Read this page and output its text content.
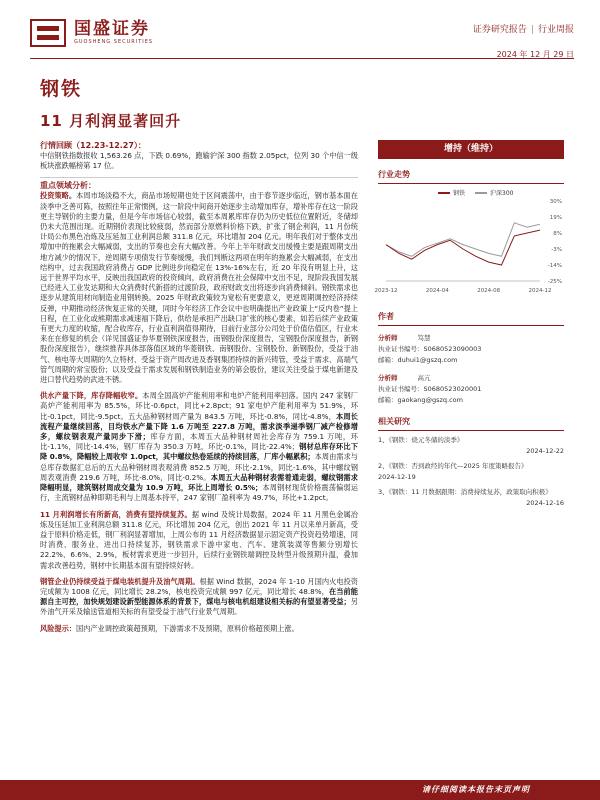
国盛证券
GUOSHENG SECURITIES
证券研究报告 | 行业周报
2024 年 12 月 29 日
钢铁
11 月利润显著回升
行情回顾（12.23-12.27）：
中信钢铁指数报收 1,563.26 点，下跌 0.69%，跑输沪深 300 指数 2.05pct，位列 30 个中信一级板块涨跌幅榜第 17 位。
重点领域分析：
投资策略。本周市场淡稳不大，商品市场短期也处于区间震荡中，由于春节逐步临近，钢市基本面在淡季中乏善可陈，按照往年正常惯例，这一阶段中间商开始逐步主动增加库存，增补库存在这一阶段更主导钢价的主要力量，但是今年市场信心较弱，截至本周累库库存仍为历史低位位置附近，冬储却仍未大范围出现。近期钢价表现比较疲弱，然而部分原燃料价格下跌，扩张了钢企利润，11 月份统计局公布黑色冶炼及压延加工业利润总额 311.8 亿元，环比增加 204 亿元。明年我们对于整体支出增加中的拖累会大幅减弱，支出的节奏也会有大幅改善。今年上半年财政支出缓慢主要是跟周期支出地方减少的情况下，逆周期专项债发行节奏缓慢，我们判断这两项在明年的拖累会大幅减弱，在支出结构中，过去我国政府消费占 GDP 比例进步向稳定在 13%-16%左右，近 20 年没有明显上升，这远于世界平均水平，反映出我国政府的投资倾向，政府消费在社会保障中支出不足，现阶段我国发展已经进入工业发达期和大众消费时代新搭的过渡阶段，政府财政支出将逐步向消费倾斜。钢铁需求也逐步从建筑用材向制造业用钢转换。2025 年财政政策较为宽松有更要意义，更逆周期调控经济持续反弹，中期推动经济恢复正常的关键，同时今年经济工作会议中也明确提出产业政策上“反内卷”提上日程，在工业化或熊期需求减速福下降后，供给是承担产出缺口扩张的核心要素，如若后续产业政策有更大力度的收缩，配合收库存，行业直利润值得期待，目前行业部分公司处于价值估值区，行业未来在在修复的机会（详见国盛证券华夏钢铁深度报告，南钢股份深度报告，宝钢股份深度报告，新钢股份深度报告），继续推荐具体部落值区域的华菱钢铁、南钢股份、宝钢股份、新钢股份，受益于油气、核电等大周期的久立特材、受益于资产周改进及香钢集团持续的新兴铸管，受益于需求、高端气管气周期的常宝股份；以及受益于需求发展和钢铁制造业务的第会股份，建议关注受益于煤电新建及进口替代趋势的武进不锈。
供水产量下降，库存降幅收窄。本周全国高炉产能利用率和电炉产能利用率回落。国内 247 家钢厂高炉产能利用率为 85.5%，环比-0.6pct，同比+2.8pct；91 家电炉产能利用率为 51.9%，环比-0.1pct，同比-9.5pct。五大品种钢材周产量为 843.5 万吨，环比-0.8%，同比-4.8%，本周长流程产量继续回落，目均铁水产量下降 1.6 万吨至 227.8 万吨，需求淡季递季钢厂减产检修增多，螺纹钢表观产量同步下滑；库存方面，本周五大品种钢材周社会库存为 759.1 万吨，环比-1.1%，同比-14.4%，钢厂库存为 350.3 万吨，环比-0.1%，同比-22.4%；钢材总库存环比下降 0.8%，降幅较上周收窄 1.0pct，其中螺纹热卷延续的持续回落，厂库小幅累积；本周由需求与总库存数据汇总后的五大品种钢材周表观消费 852.5 万吨，环比-2.1%，同比-1.6%，其中螺纹钢周表观消费 219.6 万吨，环比-8.0%，同比-0.2%。本周五大品种钢材表需着通走弱，螺纹钢需求降幅明显，建筑钢材周成交量为 10.9 万吨，环比上周增长 0.5%；本周钢材现货价格震荡偏弱运行，主流钢材品种即期毛利与上周基本持平，247 家钢厂盈利率为 49.7%，环比+1.2pct。
11 月利润增长有所新高，消费有望持续复苏。据 wind 及统计局数据，2024 年 11 月黑色金属冶炼及压延加工业利润总额 311.8 亿元，环比增加 204 亿元，创出 2021 年 11 月以来单月新高，受益于原料价格走低，钢厂利润显著增加，上周公布的 11 月经济数据显示固定资产投资趋势增速，同时消费、服务业、进出口持续复苏，钢铁需求下游中家电、汽车、建筑装潢等售额分别增长 22.2%、6.6%、2.9%，板材需求更进一步回升，后续行业钢铁端调控及转型升级预期升温，叠加需求改善趋势，钢材中长期基本面有望持续好转。
钢管企业仍持续受益于煤电装机提升及油气周期。根据 Wind 数据，2024 年 1-10 月国内火电投资完成额为 1008 亿元，同比增长 28.2%，核电投资完成额 997 亿元，同比增长 48.8%，在当前能源自主可控，加快规划建设新型能源体系的背景下，煤电与核电机组建设相关标的有望显著受益；另外油气开采及输送管道相关标的有望受益于油气行业景气周期。
风险提示：国内产业调控政策超预期，下游需求不及预期，原料价格超预期上涨。
增持（维持）
行业走势
钢铁	沪深300
30%
19%
8%
-3%
-14%
-25%
2023-12	2024-04	2024-08	2024-12
作者
分析师	笃慧
执业证书编号：S0680523090003
邮箱：duhui1@gszq.com
分析师	高亢
执业证书编号：S0680523020001
邮箱：gaokang@gszq.com
相关研究
1、《钢铁：烧元冬储的淡季》
2024-12-22
2、《钢铁：否到政经的年代—2025 年度策略报告》
2024-12-19
3、《钢铁：11 月数据跟期：消费持续复苏，政策取向积极》
2024-12-16
请仔细阅读本报告末页声明
